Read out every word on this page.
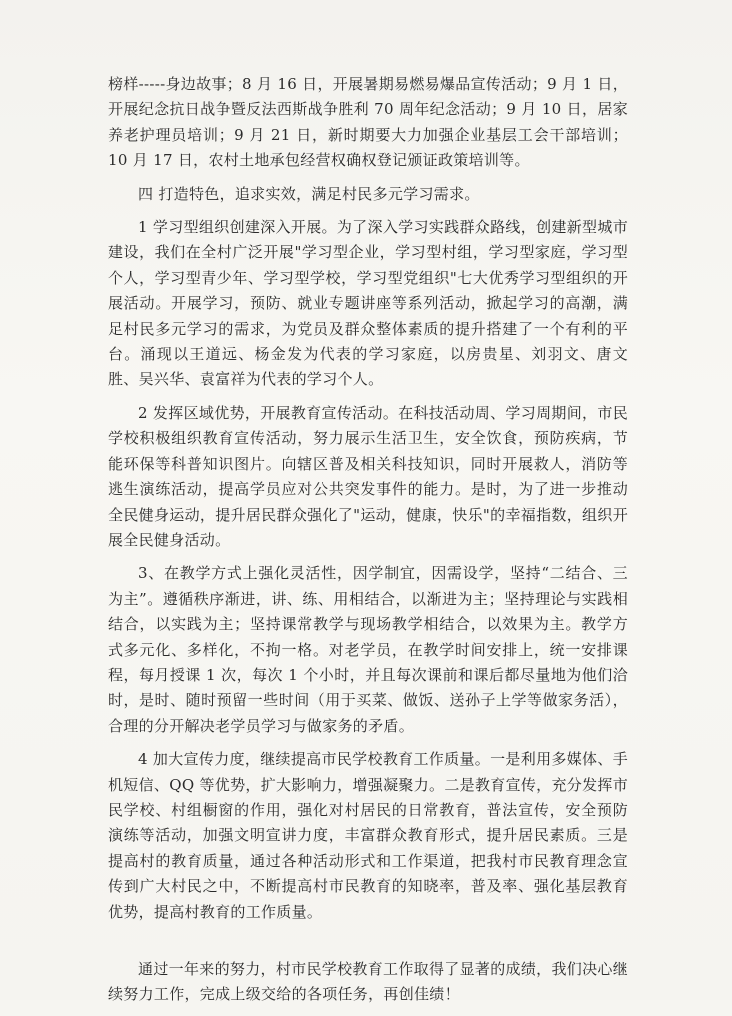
榜样-----身边故事；8 月 16 日，开展暑期易燃易爆品宣传活动；9 月 1 日，开展纪念抗日战争暨反法西斯战争胜利 70 周年纪念活动；9 月 10 日，居家养老护理员培训；9 月 21 日，新时期要大力加强企业基层工会干部培训；10 月 17 日，农村土地承包经营权确权登记颁证政策培训等。

四 打造特色，追求实效，满足村民多元学习需求。

1 学习型组织创建深入开展。为了深入学习实践群众路线，创建新型城市建设，我们在全村广泛开展"学习型企业，学习型村组，学习型家庭，学习型个人，学习型青少年、学习型学校，学习型党组织"七大优秀学习型组织的开展活动。开展学习，预防、就业专题讲座等系列活动，掀起学习的高潮，满足村民多元学习的需求，为党员及群众整体素质的提升搭建了一个有利的平台。涌现以王道远、杨金发为代表的学习家庭，以房贵星、刘羽文、唐文胜、吴兴华、袁富祥为代表的学习个人。

2 发挥区域优势，开展教育宣传活动。在科技活动周、学习周期间，市民学校积极组织教育宣传活动，努力展示生活卫生，安全饮食，预防疾病，节能环保等科普知识图片。向辖区普及相关科技知识，同时开展救人，消防等逃生演练活动，提高学员应对公共突发事件的能力。是时，为了进一步推动全民健身运动，提升居民群众强化了"运动，健康，快乐"的幸福指数，组织开展全民健身活动。

3、在教学方式上强化灵活性，因学制宜，因需设学，坚持“二结合、三为主”。遵循秩序渐进，讲、练、用相结合，以渐进为主；坚持理论与实践相结合，以实践为主；坚持课常教学与现场教学相结合，以效果为主。教学方式多元化、多样化，不拘一格。对老学员，在教学时间安排上，统一安排课程，每月授课 1 次，每次 1 个小时，并且每次课前和课后都尽量地为他们洽时，是时、随时预留一些时间（用于买菜、做饭、送孙子上学等做家务活），合理的分开解决老学员学习与做家务的矛盾。

4 加大宣传力度，继续提高市民学校教育工作质量。一是利用多媒体、手机短信、QQ 等优势，扩大影响力，增强凝聚力。二是教育宣传，充分发挥市民学校、村组橱窗的作用，强化对村居民的日常教育，普法宣传，安全预防演练等活动，加强文明宣讲力度，丰富群众教育形式，提升居民素质。三是提高村的教育质量，通过各种活动形式和工作渠道，把我村市民教育理念宣传到广大村民之中，不断提高村市民教育的知晓率，普及率、强化基层教育优势，提高村教育的工作质量。

通过一年来的努力，村市民学校教育工作取得了显著的成绩，我们决心继续努力工作，完成上级交给的各项任务，再创佳绩！
